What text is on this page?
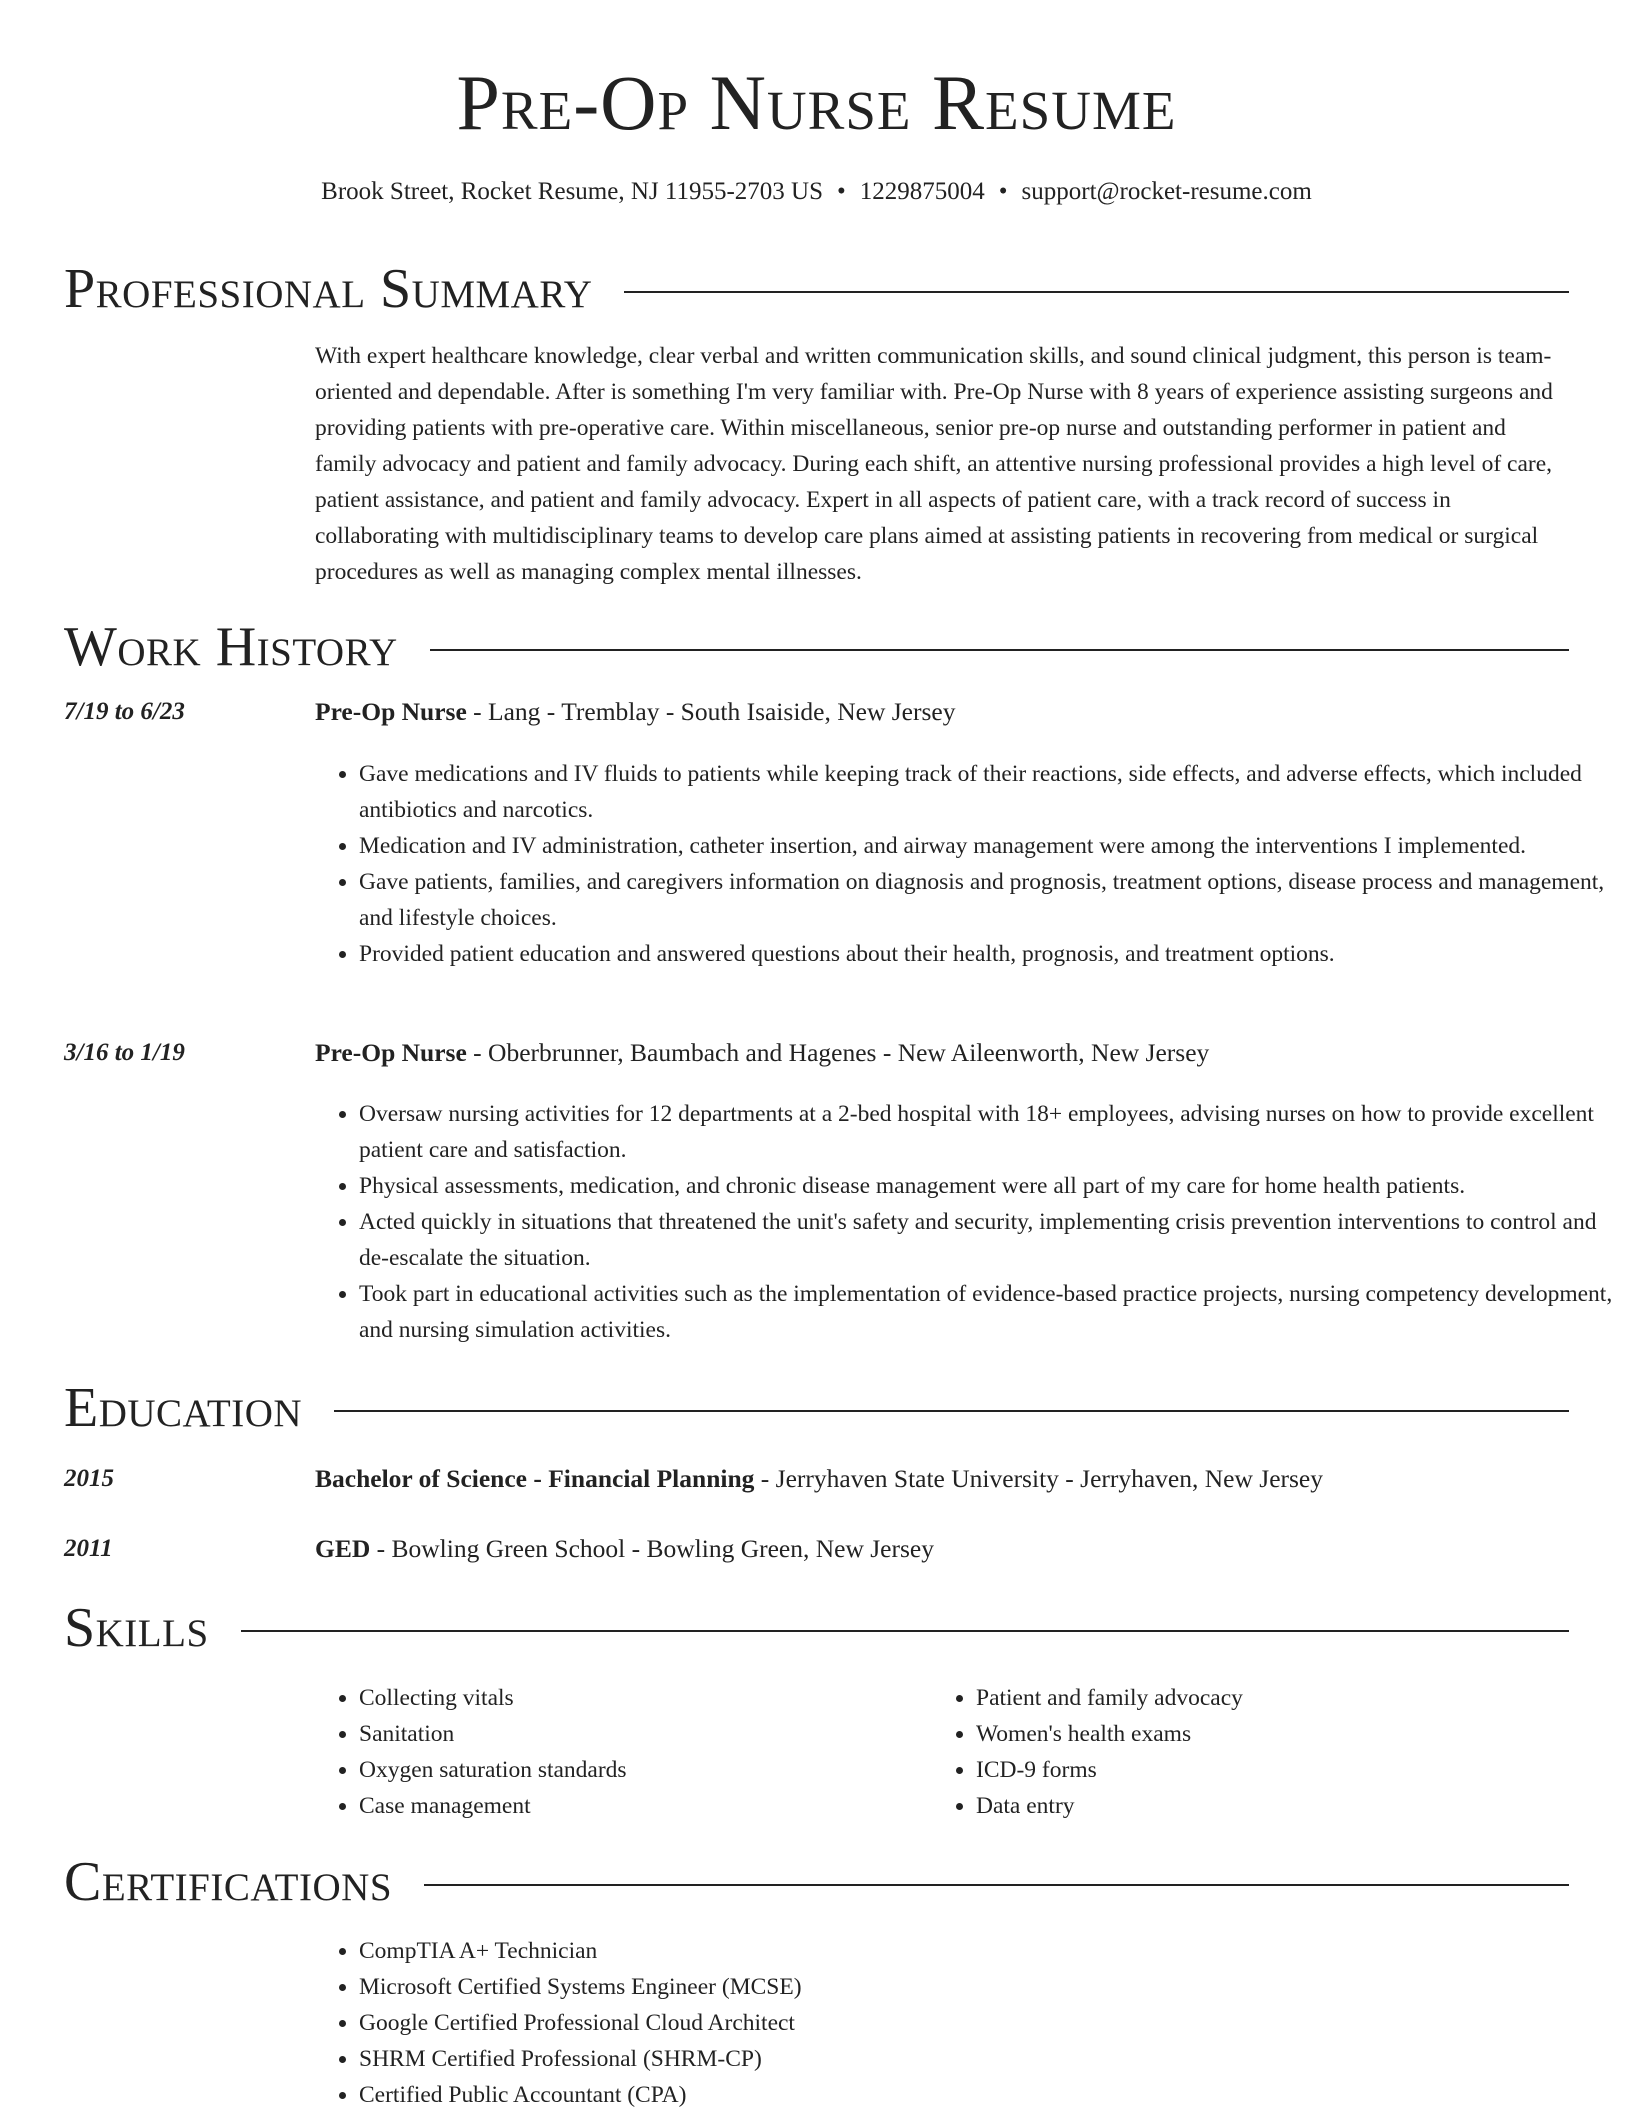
Pre-Op Nurse Resume
Brook Street, Rocket Resume, NJ 11955-2703 US • 1229875004 • support@rocket-resume.com
Professional Summary
With expert healthcare knowledge, clear verbal and written communication skills, and sound clinical judgment, this person is team-oriented and dependable. After is something I'm very familiar with. Pre-Op Nurse with 8 years of experience assisting surgeons and providing patients with pre-operative care. Within miscellaneous, senior pre-op nurse and outstanding performer in patient and family advocacy and patient and family advocacy. During each shift, an attentive nursing professional provides a high level of care, patient assistance, and patient and family advocacy. Expert in all aspects of patient care, with a track record of success in collaborating with multidisciplinary teams to develop care plans aimed at assisting patients in recovering from medical or surgical procedures as well as managing complex mental illnesses.
Work History
7/19 to 6/23	Pre-Op Nurse - Lang - Tremblay - South Isaiside, New Jersey
• Gave medications and IV fluids to patients while keeping track of their reactions, side effects, and adverse effects, which included antibiotics and narcotics.
• Medication and IV administration, catheter insertion, and airway management were among the interventions I implemented.
• Gave patients, families, and caregivers information on diagnosis and prognosis, treatment options, disease process and management, and lifestyle choices.
• Provided patient education and answered questions about their health, prognosis, and treatment options.
3/16 to 1/19	Pre-Op Nurse - Oberbrunner, Baumbach and Hagenes - New Aileenworth, New Jersey
• Oversaw nursing activities for 12 departments at a 2-bed hospital with 18+ employees, advising nurses on how to provide excellent patient care and satisfaction.
• Physical assessments, medication, and chronic disease management were all part of my care for home health patients.
• Acted quickly in situations that threatened the unit's safety and security, implementing crisis prevention interventions to control and de-escalate the situation.
• Took part in educational activities such as the implementation of evidence-based practice projects, nursing competency development, and nursing simulation activities.
Education
2015	Bachelor of Science - Financial Planning - Jerryhaven State University - Jerryhaven, New Jersey
2011	GED - Bowling Green School - Bowling Green, New Jersey
Skills
• Collecting vitals
• Sanitation
• Oxygen saturation standards
• Case management
• Patient and family advocacy
• Women's health exams
• ICD-9 forms
• Data entry
Certifications
• CompTIA A+ Technician
• Microsoft Certified Systems Engineer (MCSE)
• Google Certified Professional Cloud Architect
• SHRM Certified Professional (SHRM-CP)
• Certified Public Accountant (CPA)
